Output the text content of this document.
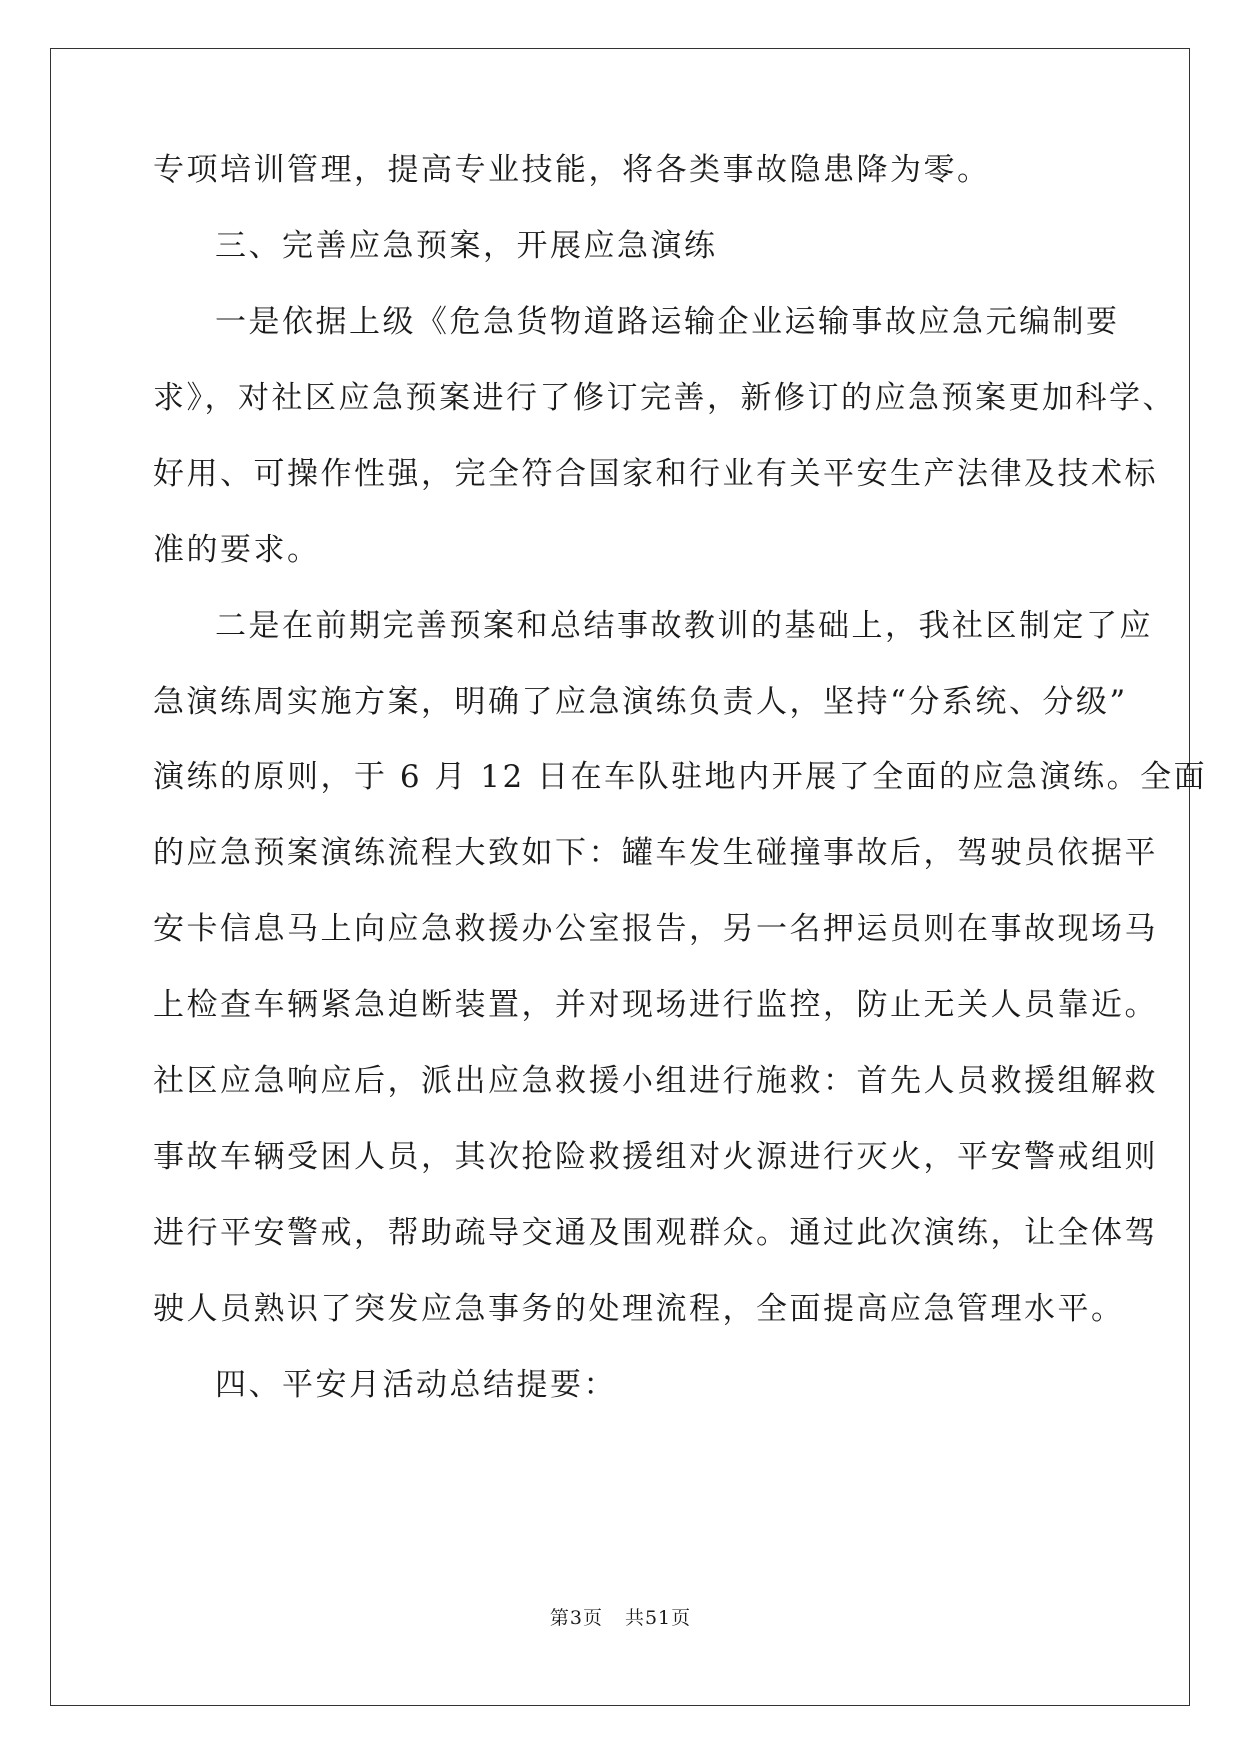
专项培训管理，提高专业技能，将各类事故隐患降为零。
三、完善应急预案，开展应急演练
一是依据上级《危急货物道路运输企业运输事故应急元编制要
求》，对社区应急预案进行了修订完善，新修订的应急预案更加科学、
好用、可操作性强，完全符合国家和行业有关平安生产法律及技术标
准的要求。
二是在前期完善预案和总结事故教训的基础上，我社区制定了应
急演练周实施方案，明确了应急演练负责人，坚持“分系统、分级”
演练的原则，于 6 月 12 日在车队驻地内开展了全面的应急演练。全面
的应急预案演练流程大致如下：罐车发生碰撞事故后，驾驶员依据平
安卡信息马上向应急救援办公室报告，另一名押运员则在事故现场马
上检查车辆紧急迫断装置，并对现场进行监控，防止无关人员靠近。
社区应急响应后，派出应急救援小组进行施救：首先人员救援组解救
事故车辆受困人员，其次抢险救援组对火源进行灭火，平安警戒组则
进行平安警戒，帮助疏导交通及围观群众。通过此次演练，让全体驾
驶人员熟识了突发应急事务的处理流程，全面提高应急管理水平。
四、平安月活动总结提要：
第3页 共51页
